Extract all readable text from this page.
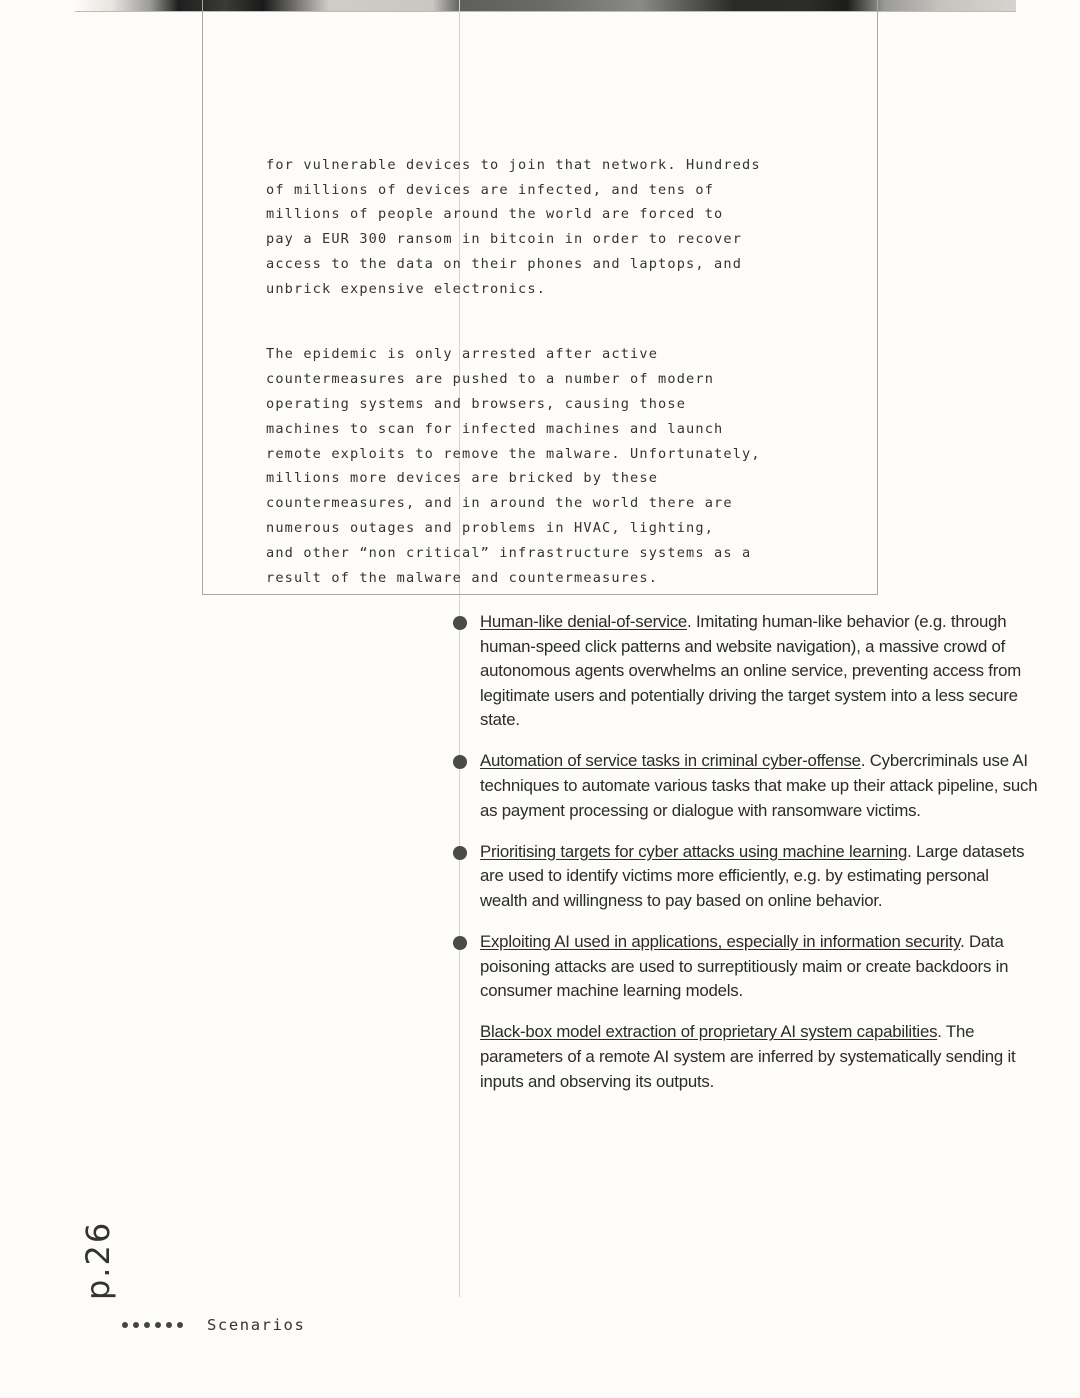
for vulnerable devices to join that network. Hundreds
of millions of devices are infected, and tens of
millions of people around the world are forced to
pay a EUR 300 ransom in bitcoin in order to recover
access to the data on their phones and laptops, and
unbrick expensive electronics.

The epidemic is only arrested after active
countermeasures are pushed to a number of modern
operating systems and browsers, causing those
machines to scan for infected machines and launch
remote exploits to remove the malware. Unfortunately,
millions more devices are bricked by these
countermeasures, and in around the world there are
numerous outages and problems in HVAC, lighting,
and other “non critical” infrastructure systems as a
result of the malware and countermeasures.

Human-like denial-of-service. Imitating human-like behavior (e.g. through human-speed click patterns and website navigation), a massive crowd of autonomous agents overwhelms an online service, preventing access from legitimate users and potentially driving the target system into a less secure state.
Automation of service tasks in criminal cyber-offense. Cybercriminals use AI techniques to automate various tasks that make up their attack pipeline, such as payment processing or dialogue with ransomware victims.
Prioritising targets for cyber attacks using machine learning. Large datasets are used to identify victims more efficiently, e.g. by estimating personal wealth and willingness to pay based on online behavior.
Exploiting AI used in applications, especially in information security. Data poisoning attacks are used to surreptitiously maim or create backdoors in consumer machine learning models.
Black-box model extraction of proprietary AI system capabilities. The parameters of a remote AI system are inferred by systematically sending it inputs and observing its outputs.
p.26
Scenarios
